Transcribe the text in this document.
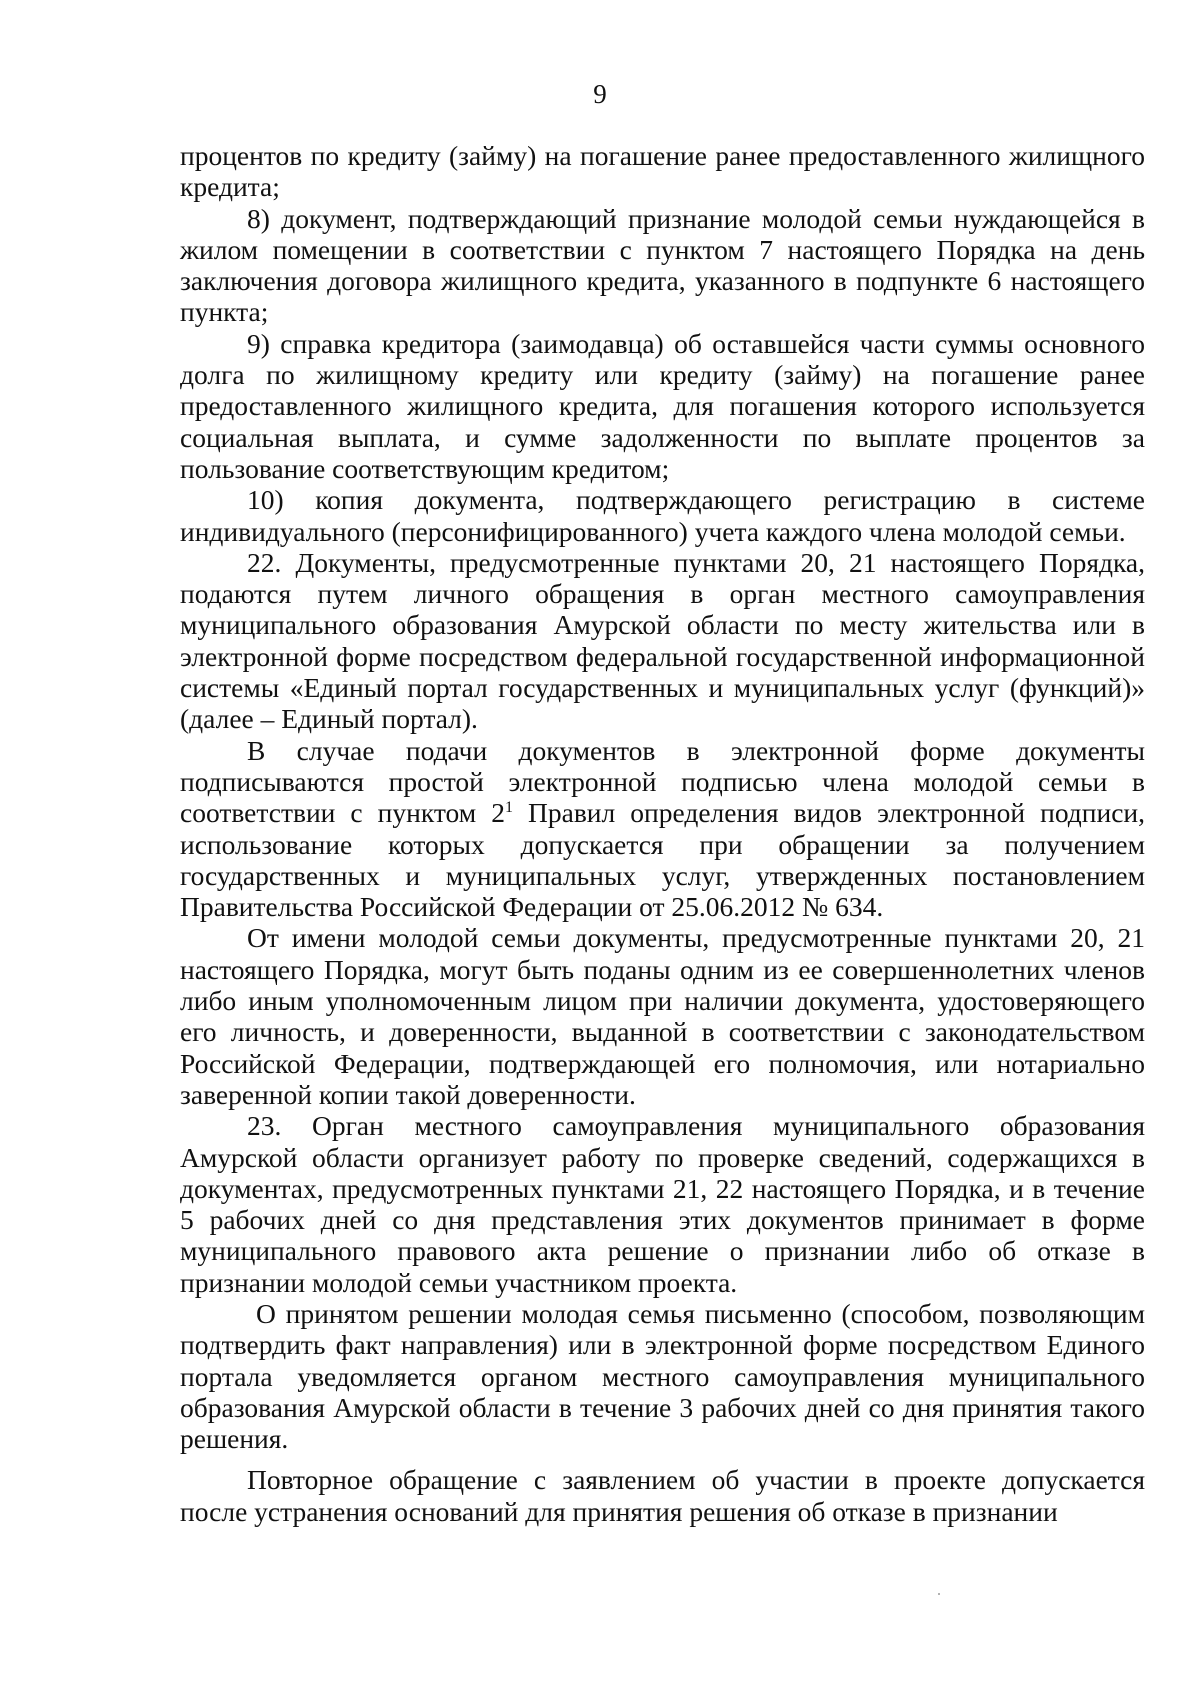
9

процентов по кредиту (займу) на погашение ранее предоставленного жилищного кредита;

8) документ, подтверждающий признание молодой семьи нуждающейся в жилом помещении в соответствии с пунктом 7 настоящего Порядка на день заключения договора жилищного кредита, указанного в подпункте 6 настоящего пункта;

9) справка кредитора (заимодавца) об оставшейся части суммы основного долга по жилищному кредиту или кредиту (займу) на погашение ранее предоставленного жилищного кредита, для погашения которого используется социальная выплата, и сумме задолженности по выплате процентов за пользование соответствующим кредитом;

10) копия документа, подтверждающего регистрацию в системе индивидуального (персонифицированного) учета каждого члена молодой семьи.

22. Документы, предусмотренные пунктами 20, 21 настоящего Порядка, подаются путем личного обращения в орган местного самоуправления муниципального образования Амурской области по месту жительства или в электронной форме посредством федеральной государственной информационной системы «Единый портал государственных и муниципальных услуг (функций)» (далее – Единый портал).

В случае подачи документов в электронной форме документы подписываются простой электронной подписью члена молодой семьи в соответствии с пунктом $2^1$ Правил определения видов электронной подписи, использование которых допускается при обращении за получением государственных и муниципальных услуг, утвержденных постановлением Правительства Российской Федерации от 25.06.2012 № 634.

От имени молодой семьи документы, предусмотренные пунктами 20, 21 настоящего Порядка, могут быть поданы одним из ее совершеннолетних членов либо иным уполномоченным лицом при наличии документа, удостоверяющего его личность, и доверенности, выданной в соответствии с законодательством Российской Федерации, подтверждающей его полномочия, или нотариально заверенной копии такой доверенности.

23. Орган местного самоуправления муниципального образования Амурской области организует работу по проверке сведений, содержащихся в документах, предусмотренных пунктами 21, 22 настоящего Порядка, и в течение 5 рабочих дней со дня представления этих документов принимает в форме муниципального правового акта решение о признании либо об отказе в признании молодой семьи участником проекта.

О принятом решении молодая семья письменно (способом, позволяющим подтвердить факт направления) или в электронной форме посредством Единого портала уведомляется органом местного самоуправления муниципального образования Амурской области в течение 3 рабочих дней со дня принятия такого решения.

Повторное обращение с заявлением об участии в проекте допускается после устранения оснований для принятия решения об отказе в признании
